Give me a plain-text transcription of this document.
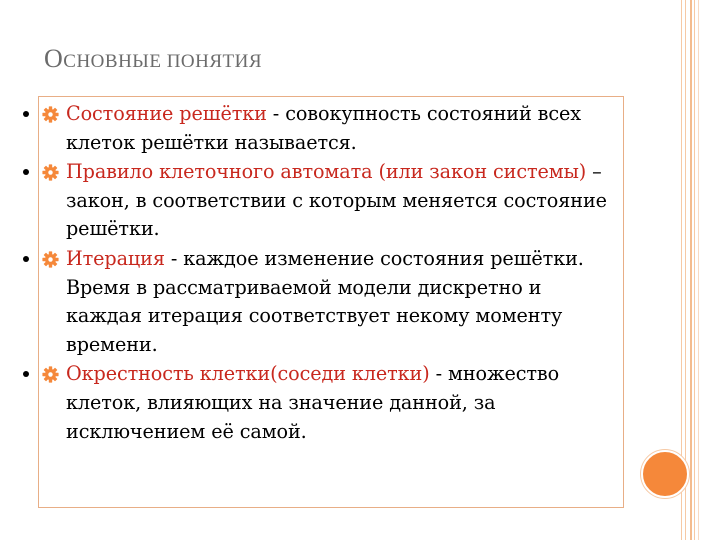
ОСНОВНЫЕ ПОНЯТИЯ
• Состояние решётки - совокупность состояний всех клеток решётки называется.
• Правило клеточного автомата (или закон системы) – закон, в соответствии с которым меняется состояние решётки.
• Итерация - каждое изменение состояния решётки. Время в рассматриваемой модели дискретно и каждая итерация соответствует некому моменту времени.
• Окрестность клетки(соседи клетки) - множество клеток, влияющих на значение данной, за исключением её самой.
